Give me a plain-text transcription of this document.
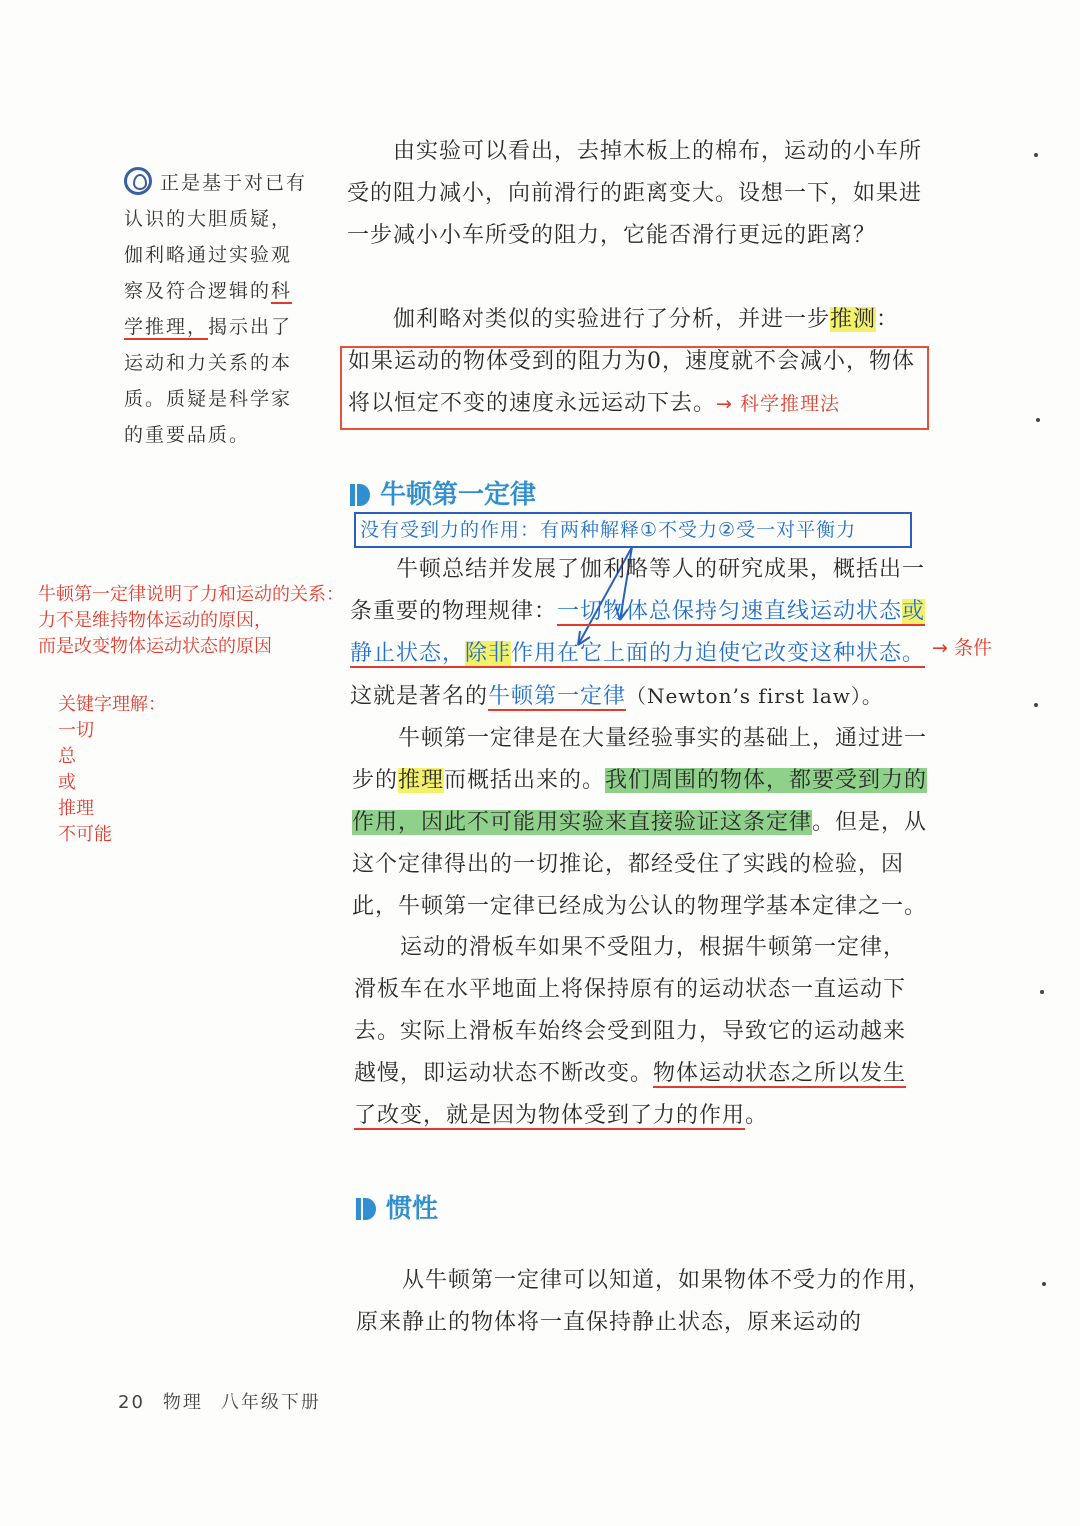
正是基于对已有认识的大胆质疑，伽利略通过实验观察及符合逻辑的科学推理，揭示出了运动和力关系的本质。质疑是科学家的重要品质。
由实验可以看出，去掉木板上的棉布，运动的小车所受的阻力减小，向前滑行的距离变大。设想一下，如果进一步减小小车所受的阻力，它能否滑行更远的距离？
伽利略对类似的实验进行了分析，并进一步推测：
如果运动的物体受到的阻力为0，速度就不会减小，物体将以恒定不变的速度永远运动下去。→ 科学推理法
牛顿第一定律
没有受到力的作用：有两种解释①不受力②受一对平衡力
牛顿第一定律说明了力和运动的关系：
力不是维持物体运动的原因，
而是改变物体运动状态的原因
关键字理解：
一切
总
或
推理
不可能
牛顿总结并发展了伽利略等人的研究成果，概括出一条重要的物理规律：一切物体总保持匀速直线运动状态或静止状态，除非作用在它上面的力迫使它改变这种状态。这就是著名的牛顿第一定律（Newton’s first law）。
→ 条件
牛顿第一定律是在大量经验事实的基础上，通过进一步的推理而概括出来的。我们周围的物体，都要受到力的作用，因此不可能用实验来直接验证这条定律。但是，从这个定律得出的一切推论，都经受住了实践的检验，因此，牛顿第一定律已经成为公认的物理学基本定律之一。
运动的滑板车如果不受阻力，根据牛顿第一定律，滑板车在水平地面上将保持原有的运动状态一直运动下去。实际上滑板车始终会受到阻力，导致它的运动越来越慢，即运动状态不断改变。物体运动状态之所以发生了改变，就是因为物体受到了力的作用。
惯性
从牛顿第一定律可以知道，如果物体不受力的作用，原来静止的物体将一直保持静止状态，原来运动的
20 物理 八年级下册
